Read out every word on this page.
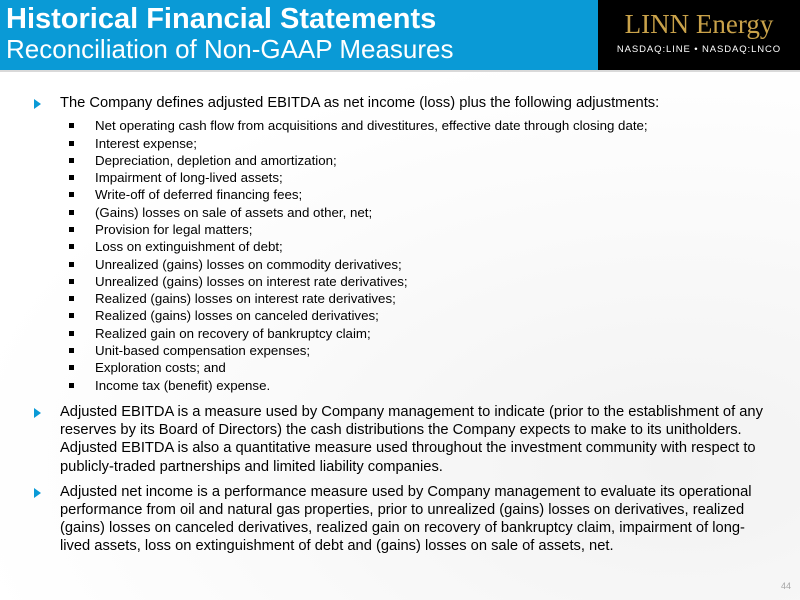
Historical Financial Statements
Reconciliation of Non-GAAP Measures
LINN Energy
NASDAQ:LINE • NASDAQ:LNCO
The Company defines adjusted EBITDA as net income (loss) plus the following adjustments:
Net operating cash flow from acquisitions and divestitures, effective date through closing date;
Interest expense;
Depreciation, depletion and amortization;
Impairment of long-lived assets;
Write-off of deferred financing fees;
(Gains) losses on sale of assets and other, net;
Provision for legal matters;
Loss on extinguishment of debt;
Unrealized (gains) losses on commodity derivatives;
Unrealized (gains) losses on interest rate derivatives;
Realized (gains) losses on interest rate derivatives;
Realized (gains) losses on canceled derivatives;
Realized gain on recovery of bankruptcy claim;
Unit-based compensation expenses;
Exploration costs; and
Income tax (benefit) expense.
Adjusted EBITDA is a measure used by Company management to indicate (prior to the establishment of any reserves by its Board of Directors) the cash distributions the Company expects to make to its unitholders. Adjusted EBITDA is also a quantitative measure used throughout the investment community with respect to publicly-traded partnerships and limited liability companies.
Adjusted net income is a performance measure used by Company management to evaluate its operational performance from oil and natural gas properties, prior to unrealized (gains) losses on derivatives, realized (gains) losses on canceled derivatives, realized gain on recovery of bankruptcy claim, impairment of long-lived assets, loss on extinguishment of debt and (gains) losses on sale of assets, net.
44
